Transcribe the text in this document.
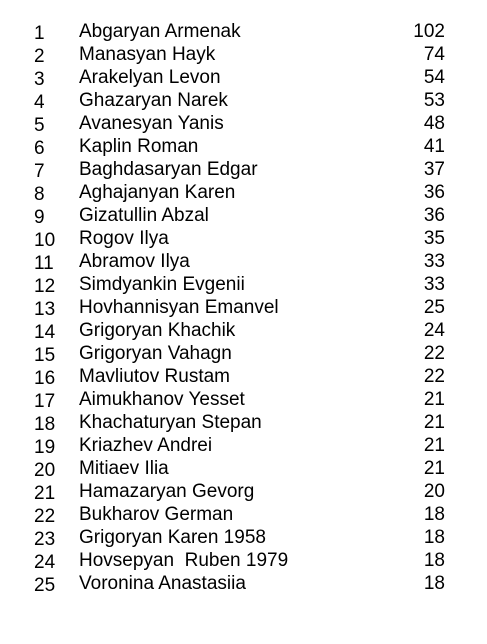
1	Abgaryan Armenak	102
2	Manasyan Hayk	74
3	Arakelyan Levon	54
4	Ghazaryan Narek	53
5	Avanesyan Yanis	48
6	Kaplin Roman	41
7	Baghdasaryan Edgar	37
8	Aghajanyan Karen	36
9	Gizatullin Abzal	36
10	Rogov Ilya	35
11	Abramov Ilya	33
12	Simdyankin Evgenii	33
13	Hovhannisyan Emanvel	25
14	Grigoryan Khachik	24
15	Grigoryan Vahagn	22
16	Mavliutov Rustam	22
17	Aimukhanov Yesset	21
18	Khachaturyan Stepan	21
19	Kriazhev Andrei	21
20	Mitiaev Ilia	21
21	Hamazaryan Gevorg	20
22	Bukharov German	18
23	Grigoryan Karen 1958	18
24	Hovsepyan  Ruben 1979	18
25	Voronina Anastasiia	18
